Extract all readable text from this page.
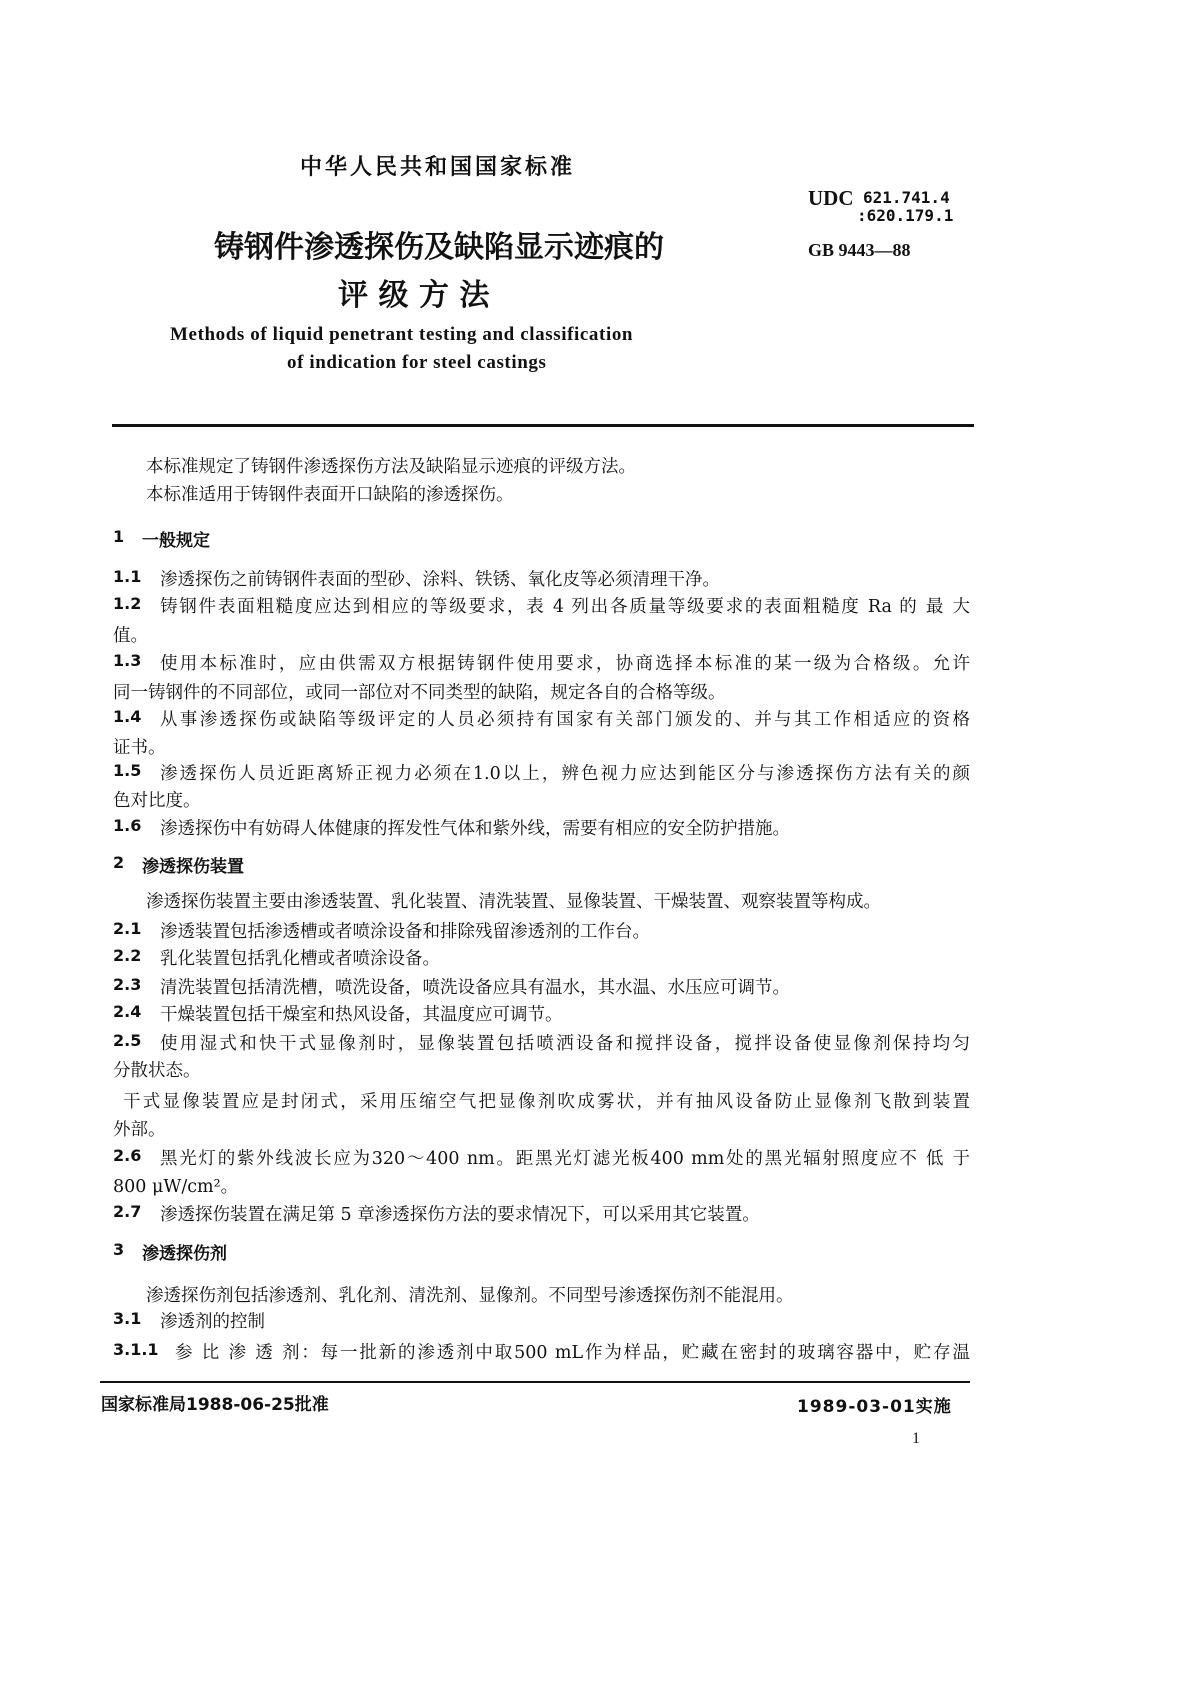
中华人民共和国国家标准
UDC 621.741.4
:620.179.1
GB 9443—88
铸钢件渗透探伤及缺陷显示迹痕的
评 级 方 法
Methods of liquid penetrant testing and classification
of indication for steel castings
本标准规定了铸钢件渗透探伤方法及缺陷显示迹痕的评级方法。
本标准适用于铸钢件表面开口缺陷的渗透探伤。
1 一般规定
1.1 渗透探伤之前铸钢件表面的型砂、涂料、铁锈、氧化皮等必须清理干净。
1.2 铸钢件表面粗糙度应达到相应的等级要求，表 4 列出各质量等级要求的表面粗糙度 Ra 的 最 大
值。
1.3 使用本标准时，应由供需双方根据铸钢件使用要求，协商选择本标准的某一级为合格级。允许
同一铸钢件的不同部位，或同一部位对不同类型的缺陷，规定各自的合格等级。
1.4 从事渗透探伤或缺陷等级评定的人员必须持有国家有关部门颁发的、并与其工作相适应的资格
证书。
1.5 渗透探伤人员近距离矫正视力必须在1.0以上，辨色视力应达到能区分与渗透探伤方法有关的颜
色对比度。
1.6 渗透探伤中有妨碍人体健康的挥发性气体和紫外线，需要有相应的安全防护措施。
2 渗透探伤装置
渗透探伤装置主要由渗透装置、乳化装置、清洗装置、显像装置、干燥装置、观察装置等构成。
2.1 渗透装置包括渗透槽或者喷涂设备和排除残留渗透剂的工作台。
2.2 乳化装置包括乳化槽或者喷涂设备。
2.3 清洗装置包括清洗槽，喷洗设备，喷洗设备应具有温水，其水温、水压应可调节。
2.4 干燥装置包括干燥室和热风设备，其温度应可调节。
2.5 使用湿式和快干式显像剂时，显像装置包括喷洒设备和搅拌设备，搅拌设备使显像剂保持均匀
分散状态。
干式显像装置应是封闭式，采用压缩空气把显像剂吹成雾状，并有抽风设备防止显像剂飞散到装置
外部。
2.6 黑光灯的紫外线波长应为320～400 nm。距黑光灯滤光板400 mm处的黑光辐射照度应不 低 于
800 μW/cm²。
2.7 渗透探伤装置在满足第 5 章渗透探伤方法的要求情况下，可以采用其它装置。
3 渗透探伤剂
渗透探伤剂包括渗透剂、乳化剂、清洗剂、显像剂。不同型号渗透探伤剂不能混用。
3.1 渗透剂的控制
3.1.1 参 比 渗 透 剂：每一批新的渗透剂中取500 mL作为样品，贮藏在密封的玻璃容器中，贮存温
国家标准局1988-06-25批准	1989-03-01实施
1
